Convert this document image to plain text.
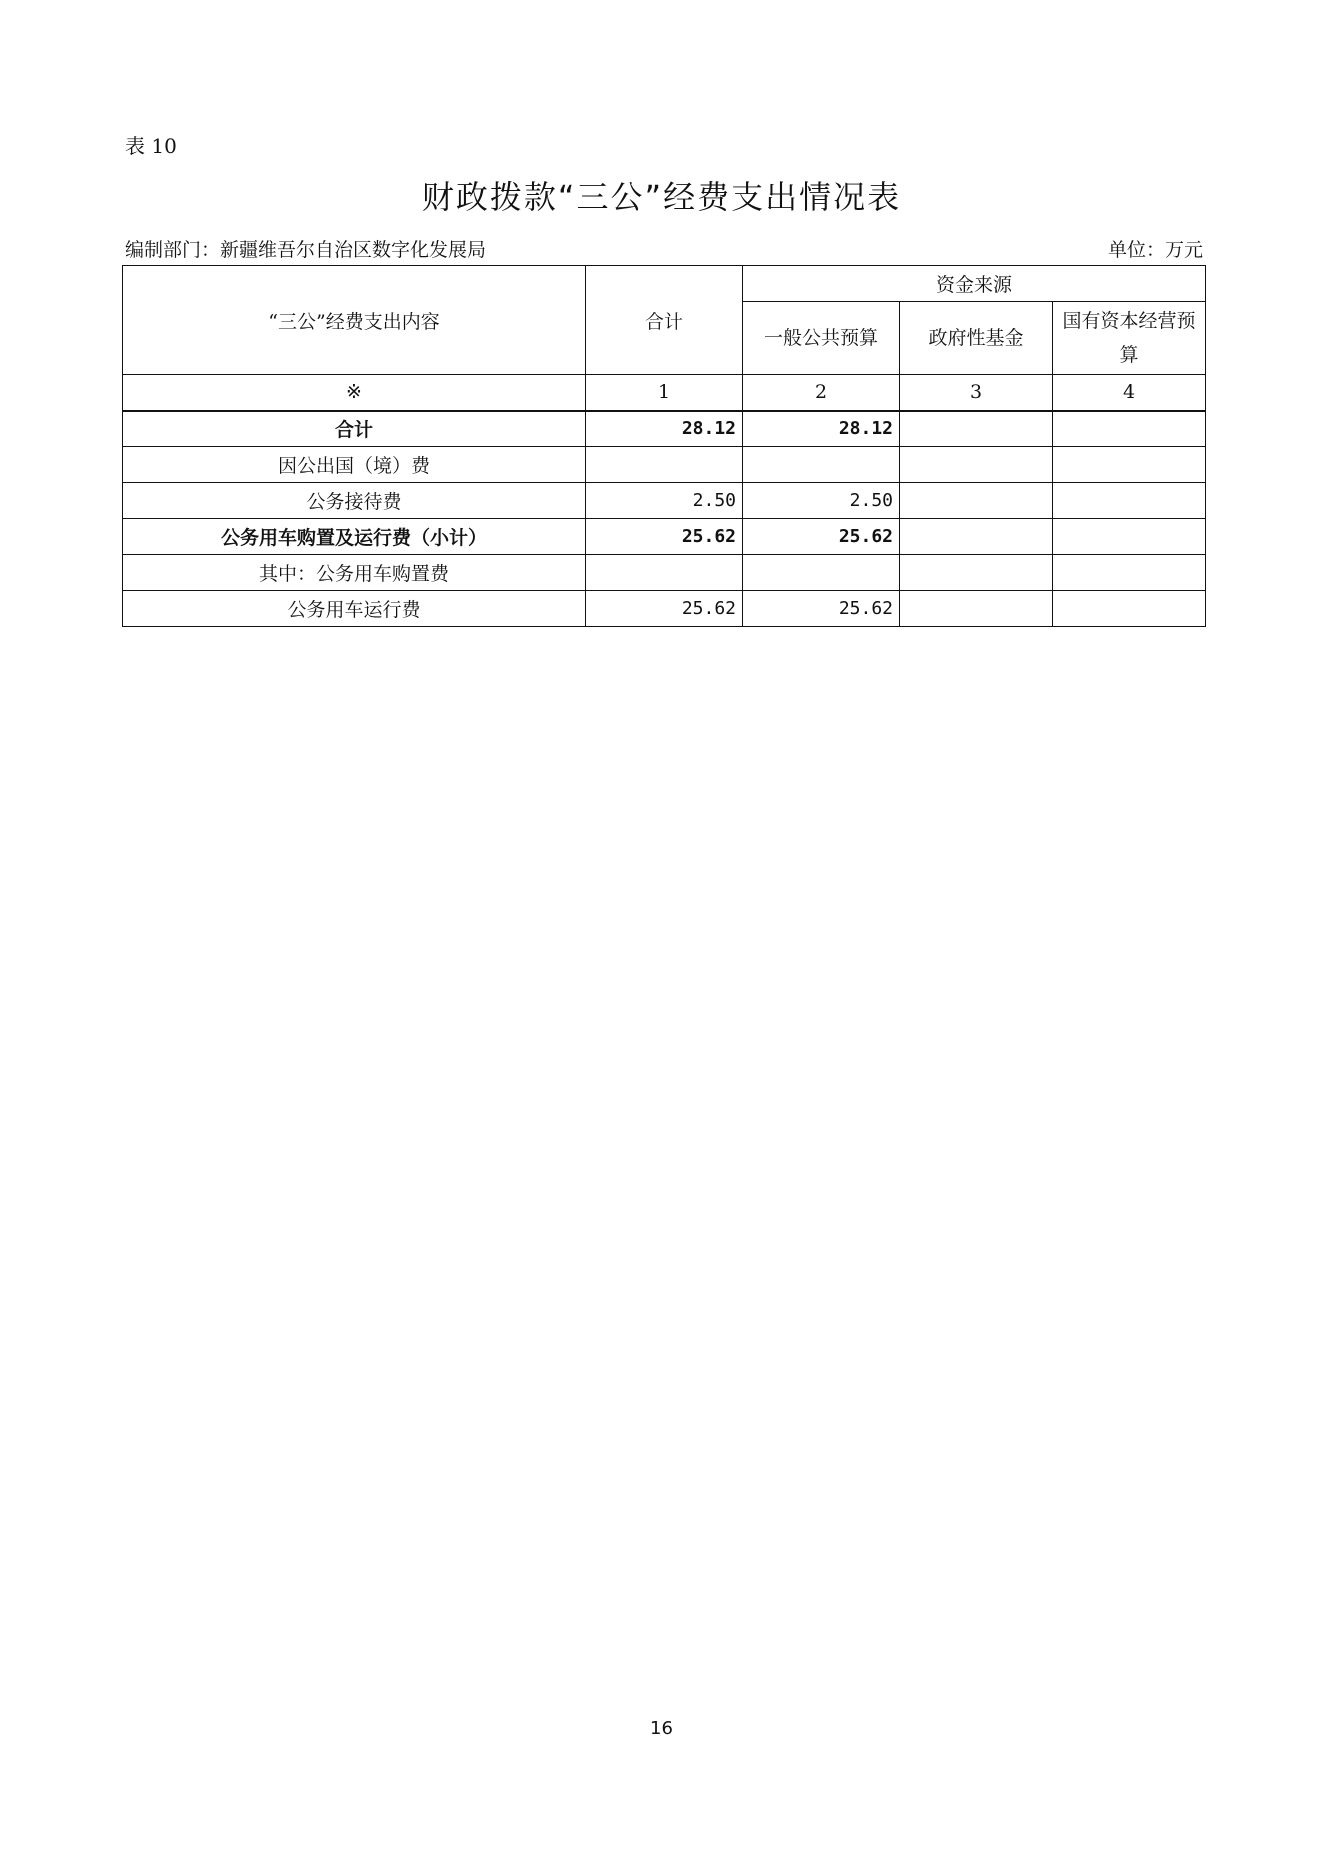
表 10
财政拨款“三公”经费支出情况表
编制部门：新疆维吾尔自治区数字化发展局	单位：万元
“三公”经费支出内容	合计	资金来源		
		一般公共预算	政府性基金	国有资本经营预算
※	1	2	3	4
合计	28.12	28.12		
因公出国（境）费				
公务接待费	2.50	2.50		
公务用车购置及运行费（小计）	25.62	25.62		
其中：公务用车购置费				
公务用车运行费	25.62	25.62		
16
